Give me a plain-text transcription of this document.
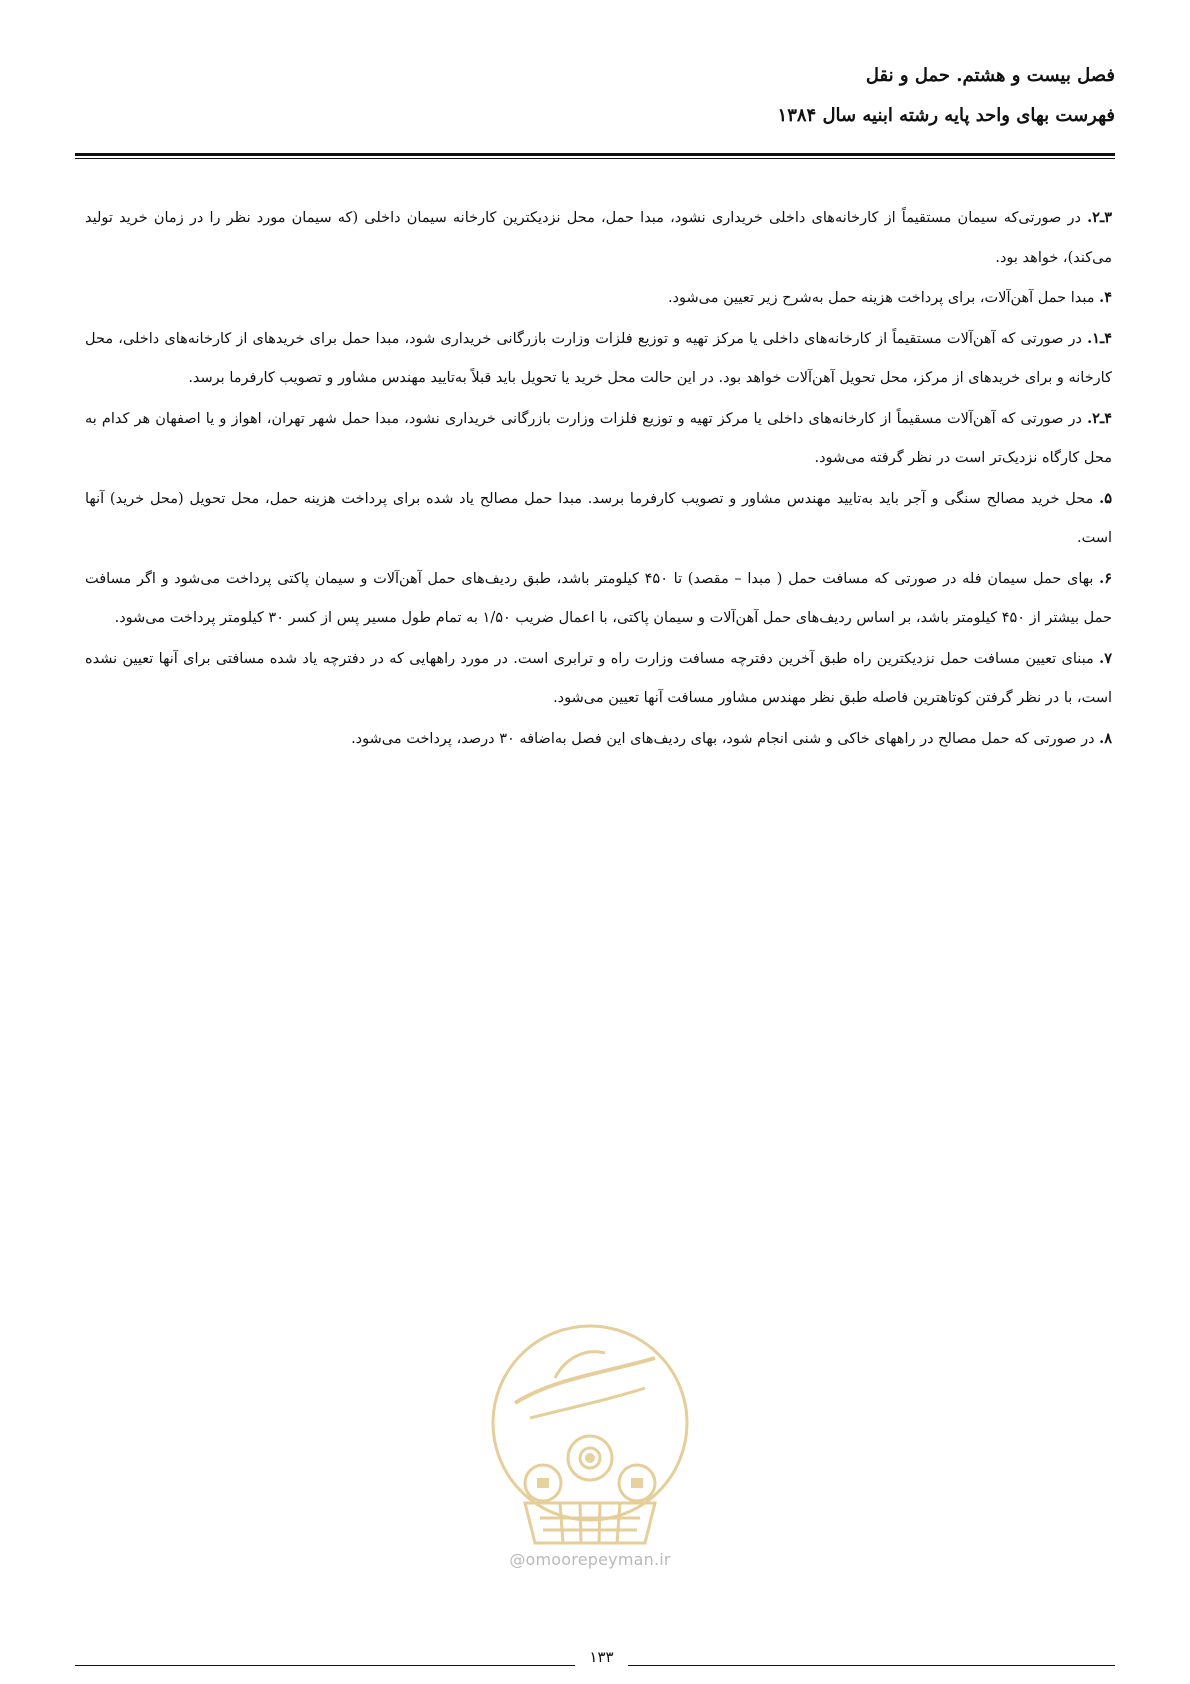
فصل بیست و هشتم. حمل و نقل
فهرست بهای واحد پایه رشته ابنیه سال ۱۳۸۴

۳ـ۲. در صورتی‌که سیمان مستقیماً از کارخانه‌های داخلی خریداری نشود، مبدا حمل، محل نزدیکترین کارخانه سیمان داخلی (که سیمان مورد نظر را در زمان خرید تولید می‌کند)، خواهد بود.

۴. مبدا حمل آهن‌آلات، برای پرداخت هزینه حمل به‌شرح زیر تعیین می‌شود.

۴ـ۱. در صورتی که آهن‌آلات مستقیماً از کارخانه‌های داخلی یا مرکز تهیه و توزیع فلزات وزارت بازرگانی خریداری شود، مبدا حمل برای خریدهای از کارخانه‌های داخلی، محل کارخانه و برای خریدهای از مرکز، محل تحویل آهن‌آلات خواهد بود. در این حالت محل خرید یا تحویل باید قبلاً به‌تایید مهندس مشاور و تصویب کارفرما برسد.

۴ـ۲. در صورتی که آهن‌آلات مسقیماً از کارخانه‌های داخلی یا مرکز تهیه و توزیع فلزات وزارت بازرگانی خریداری نشود، مبدا حمل شهر تهران، اهواز و یا اصفهان هر کدام به محل کارگاه نزدیک‌تر است در نظر گرفته می‌شود.

۵. محل خرید مصالح سنگی و آجر باید به‌تایید مهندس مشاور و تصویب کارفرما برسد. مبدا حمل مصالح یاد شده برای پرداخت هزینه حمل، محل تحویل (محل خرید) آنها است.

۶. بهای حمل سیمان فله در صورتی که مسافت حمل ( مبدا – مقصد) تا ۴۵۰ کیلومتر باشد، طبق ردیف‌های حمل آهن‌آلات و سیمان پاکتی پرداخت می‌شود و اگر مسافت حمل بیشتر از ۴۵۰ کیلومتر باشد، بر اساس ردیف‌های حمل آهن‌آلات و سیمان پاکتی، با اعمال ضریب ۱/۵۰ به تمام طول مسیر پس از کسر ۳۰ کیلومتر پرداخت می‌شود.

۷. مبنای تعیین مسافت حمل نزدیکترین راه طبق آخرین دفترچه مسافت وزارت راه و ترابری است. در مورد راههایی که در دفترچه یاد شده مسافتی برای آنها تعیین نشده است، با در نظر گرفتن کوتاهترین فاصله طبق نظر مهندس مشاور مسافت آنها تعیین می‌شود.

۸. در صورتی که حمل مصالح در راههای خاکی و شنی انجام شود، بهای ردیف‌های این فصل به‌اضافه ۳۰ درصد، پرداخت می‌شود.

@omoorepeyman.ir
۱۳۳
